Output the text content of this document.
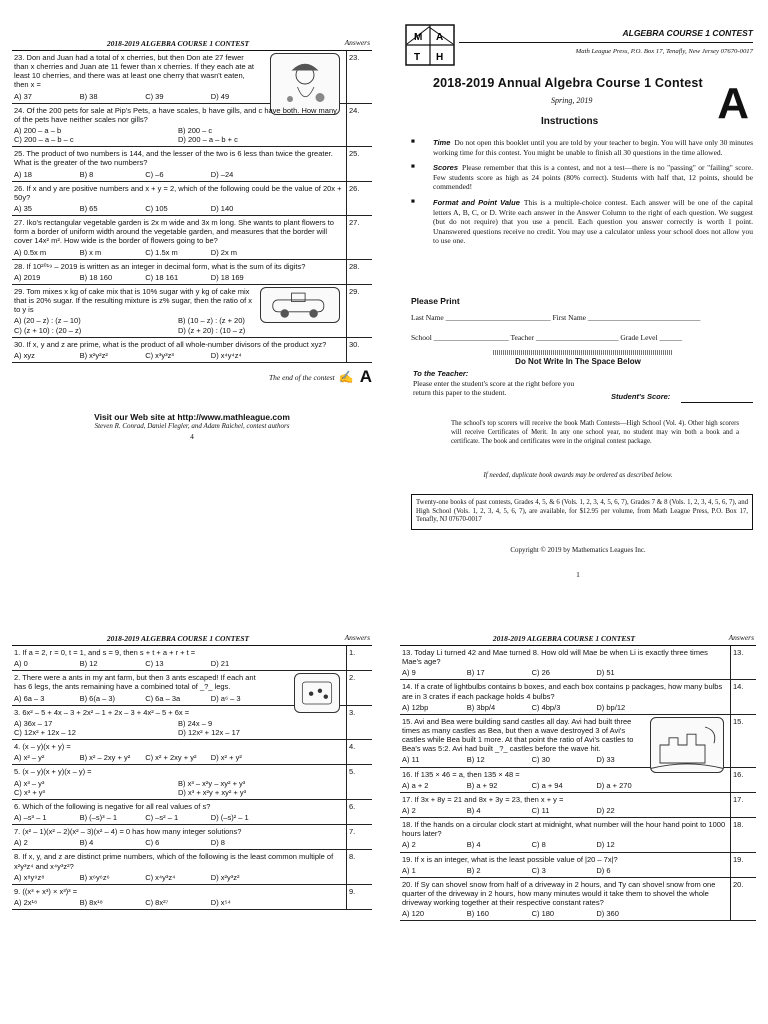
2018-2019 ALGEBRA COURSE 1 CONTEST	Answers
23. Don and Juan had a total of x cherries, but then Don ate 27 fewer than x cherries and Juan ate 11 fewer than x cherries. If they each ate at least 10 cherries, and there was at least one cherry that wasn't eaten, then x =
A) 37	B) 38	C) 39	D) 49
23.
24. Of the 200 pets for sale at Pip's Pets, a have scales, b have gills, and c have both. How many of the pets have neither scales nor gills?
A) 200 – a – b	B) 200 – c
C) 200 – a – b – c	D) 200 – a – b + c
24.
25. The product of two numbers is 144, and the lesser of the two is 6 less than twice the greater. What is the greater of the two numbers?
A) 18	B) 8	C) –6	D) –24
25.
26. If x and y are positive numbers and x + y = 2, which of the following could be the value of 20x + 50y?
A) 35	B) 65	C) 105	D) 140
26.
27. Iko's rectangular vegetable garden is 2x m wide and 3x m long. She wants to plant flowers to form a border of uniform width around the vegetable garden, and measures that the border will cover 14x² m². How wide is the border of flowers going to be?
A) 0.5x m	B) x m	C) 1.5x m	D) 2x m
27.
28. If 10²⁰¹⁹ – 2019 is written as an integer in decimal form, what is the sum of its digits?
A) 2019	B) 18 160	C) 18 161	D) 18 169
28.
29. Tom mixes x kg of cake mix that is 10% sugar with y kg of cake mix that is 20% sugar. If the resulting mixture is z% sugar, then the ratio of x to y is
A) (20 – z) : (z – 10)	B) (10 – z) : (z + 20)
C) (z + 10) : (20 – z)	D) (z + 20) : (10 – z)
29.
30. If x, y and z are prime, what is the product of all whole-number divisors of the product xyz?
A) xyz	B) x²y²z²	C) x³y³z³	D) x⁴y⁴z⁴
30.
The end of the contest ✍ A
Visit our Web site at http://www.mathleague.com
Steven R. Conrad, Daniel Flegler, and Adam Raichel, contest authors
4
M A
T H
ALGEBRA COURSE 1 CONTEST
Math League Press, P.O. Box 17, Tenafly, New Jersey 07670-0017
2018-2019 Annual Algebra Course 1 Contest
Spring, 2019
Instructions	A
■ Time Do not open this booklet until you are told by your teacher to begin. You will have only 30 minutes working time for this contest. You might be unable to finish all 30 questions in the time allowed.
■ Scores Please remember that this is a contest, and not a test—there is no "passing" or "failing" score. Few students score as high as 24 points (80% correct). Students with half that, 12 points, should be commended!
■ Format and Point Value This is a multiple-choice contest. Each answer will be one of the capital letters A, B, C, or D. Write each answer in the Answer Column to the right of each question. We suggest (but do not require) that you use a pencil. Each question you answer correctly is worth 1 point. Unanswered questions receive no credit. You may use a calculator unless your school does not allow you to use one.
Please Print
Last Name ____________________________ First Name ______________________________
School ____________________ Teacher ______________________ Grade Level ______
Do Not Write In The Space Below
To the Teacher:
Please enter the student's score at the right before you return this paper to the student.	Student's Score:
The school's top scorers will receive the book Math Contests—High School (Vol. 4). Other high scorers will receive Certificates of Merit. In any one school year, no student may win both a book and a certificate. The book and certificates were in the original contest package.
If needed, duplicate book awards may be ordered as described below.
Twenty-one books of past contests, Grades 4, 5, & 6 (Vols. 1, 2, 3, 4, 5, 6, 7), Grades 7 & 8 (Vols. 1, 2, 3, 4, 5, 6, 7), and High School (Vols. 1, 2, 3, 4, 5, 6, 7), are available, for $12.95 per volume, from Math League Press, P.O. Box 17, Tenafly, NJ 07670-0017
Copyright © 2019 by Mathematics Leagues Inc.
1
2018-2019 ALGEBRA COURSE 1 CONTEST	Answers
1. If a = 2, r = 0, t = 1, and s = 9, then s + t + a + r + t =
A) 0	B) 12	C) 13	D) 21
1.
2. There were a ants in my ant farm, but then 3 ants escaped! If each ant has 6 legs, the ants remaining have a combined total of _?_ legs.
A) 6a – 3	B) 6(a – 3)	C) 6a – 3a	D) a⁶ – 3
2.
3. 6x² – 5 + 4x – 3 + 2x² – 1 + 2x – 3 + 4x² – 5 + 6x =
A) 36x – 17	B) 24x – 9
C) 12x² + 12x – 12	D) 12x² + 12x – 17
3.
4. (x – y)(x + y) =
A) x² – y²	B) x² – 2xy + y²	C) x² + 2xy + y²	D) x² + y²
4.
5. (x – y)(x + y)(x – y) =
A) x³ – y³	B) x³ – x²y – xy² + y³
C) x³ + y³	D) x³ + x²y + xy² + y³
5.
6. Which of the following is negative for all real values of s?
A) –s³ – 1	B) (–s)³ – 1	C) –s² – 1	D) (–s)² – 1
6.
7. (x² – 1)(x² – 2)(x² – 3)(x² – 4) = 0 has how many integer solutions?
A) 2	B) 4	C) 6	D) 8
7.
8. If x, y, and z are distinct prime numbers, which of the following is the least common multiple of x²y³z⁴ and x⁴y³z²?
A) x⁸y⁹z⁸	B) x⁶y⁶z⁶	C) x⁴y³z⁴	D) x²y³z²
8.
9. ((x³ + x³) × x³)³ =
A) 2x¹⁸	B) 8x¹⁸	C) 8x²⁷	D) x⁵⁴
9.
2018-2019 ALGEBRA COURSE 1 CONTEST	Answers
13. Today Li turned 42 and Mae turned 8. How old will Mae be when Li is exactly three times Mae's age?
A) 9	B) 17	C) 26	D) 51
13.
14. If a crate of lightbulbs contains b boxes, and each box contains p packages, how many bulbs are in 3 crates if each package holds 4 bulbs?
A) 12bp	B) 3bp/4	C) 4bp/3	D) bp/12
14.
15. Avi and Bea were building sand castles all day. Avi had built three times as many castles as Bea, but then a wave destroyed 3 of Avi's castles while Bea built 1 more. At that point the ratio of Avi's castles to Bea's was 5:2. Avi had built _?_ castles before the wave hit.
A) 11	B) 12	C) 30	D) 33
15.
16. If 135 × 46 = a, then 135 × 48 =
A) a + 2	B) a + 92	C) a + 94	D) a + 270
16.
17. If 3x + 8y = 21 and 8x + 3y = 23, then x + y =
A) 2	B) 4	C) 11	D) 22
17.
18. If the hands on a circular clock start at midnight, what number will the hour hand point to 1000 hours later?
A) 2	B) 4	C) 8	D) 12
18.
19. If x is an integer, what is the least possible value of |20 – 7x|?
A) 1	B) 2	C) 3	D) 6
19.
20. If Sy can shovel snow from half of a driveway in 2 hours, and Ty can shovel snow from one quarter of the driveway in 2 hours, how many minutes would it take them to shovel the whole driveway working together at their respective constant rates?
A) 120	B) 160	C) 180	D) 360
20.
